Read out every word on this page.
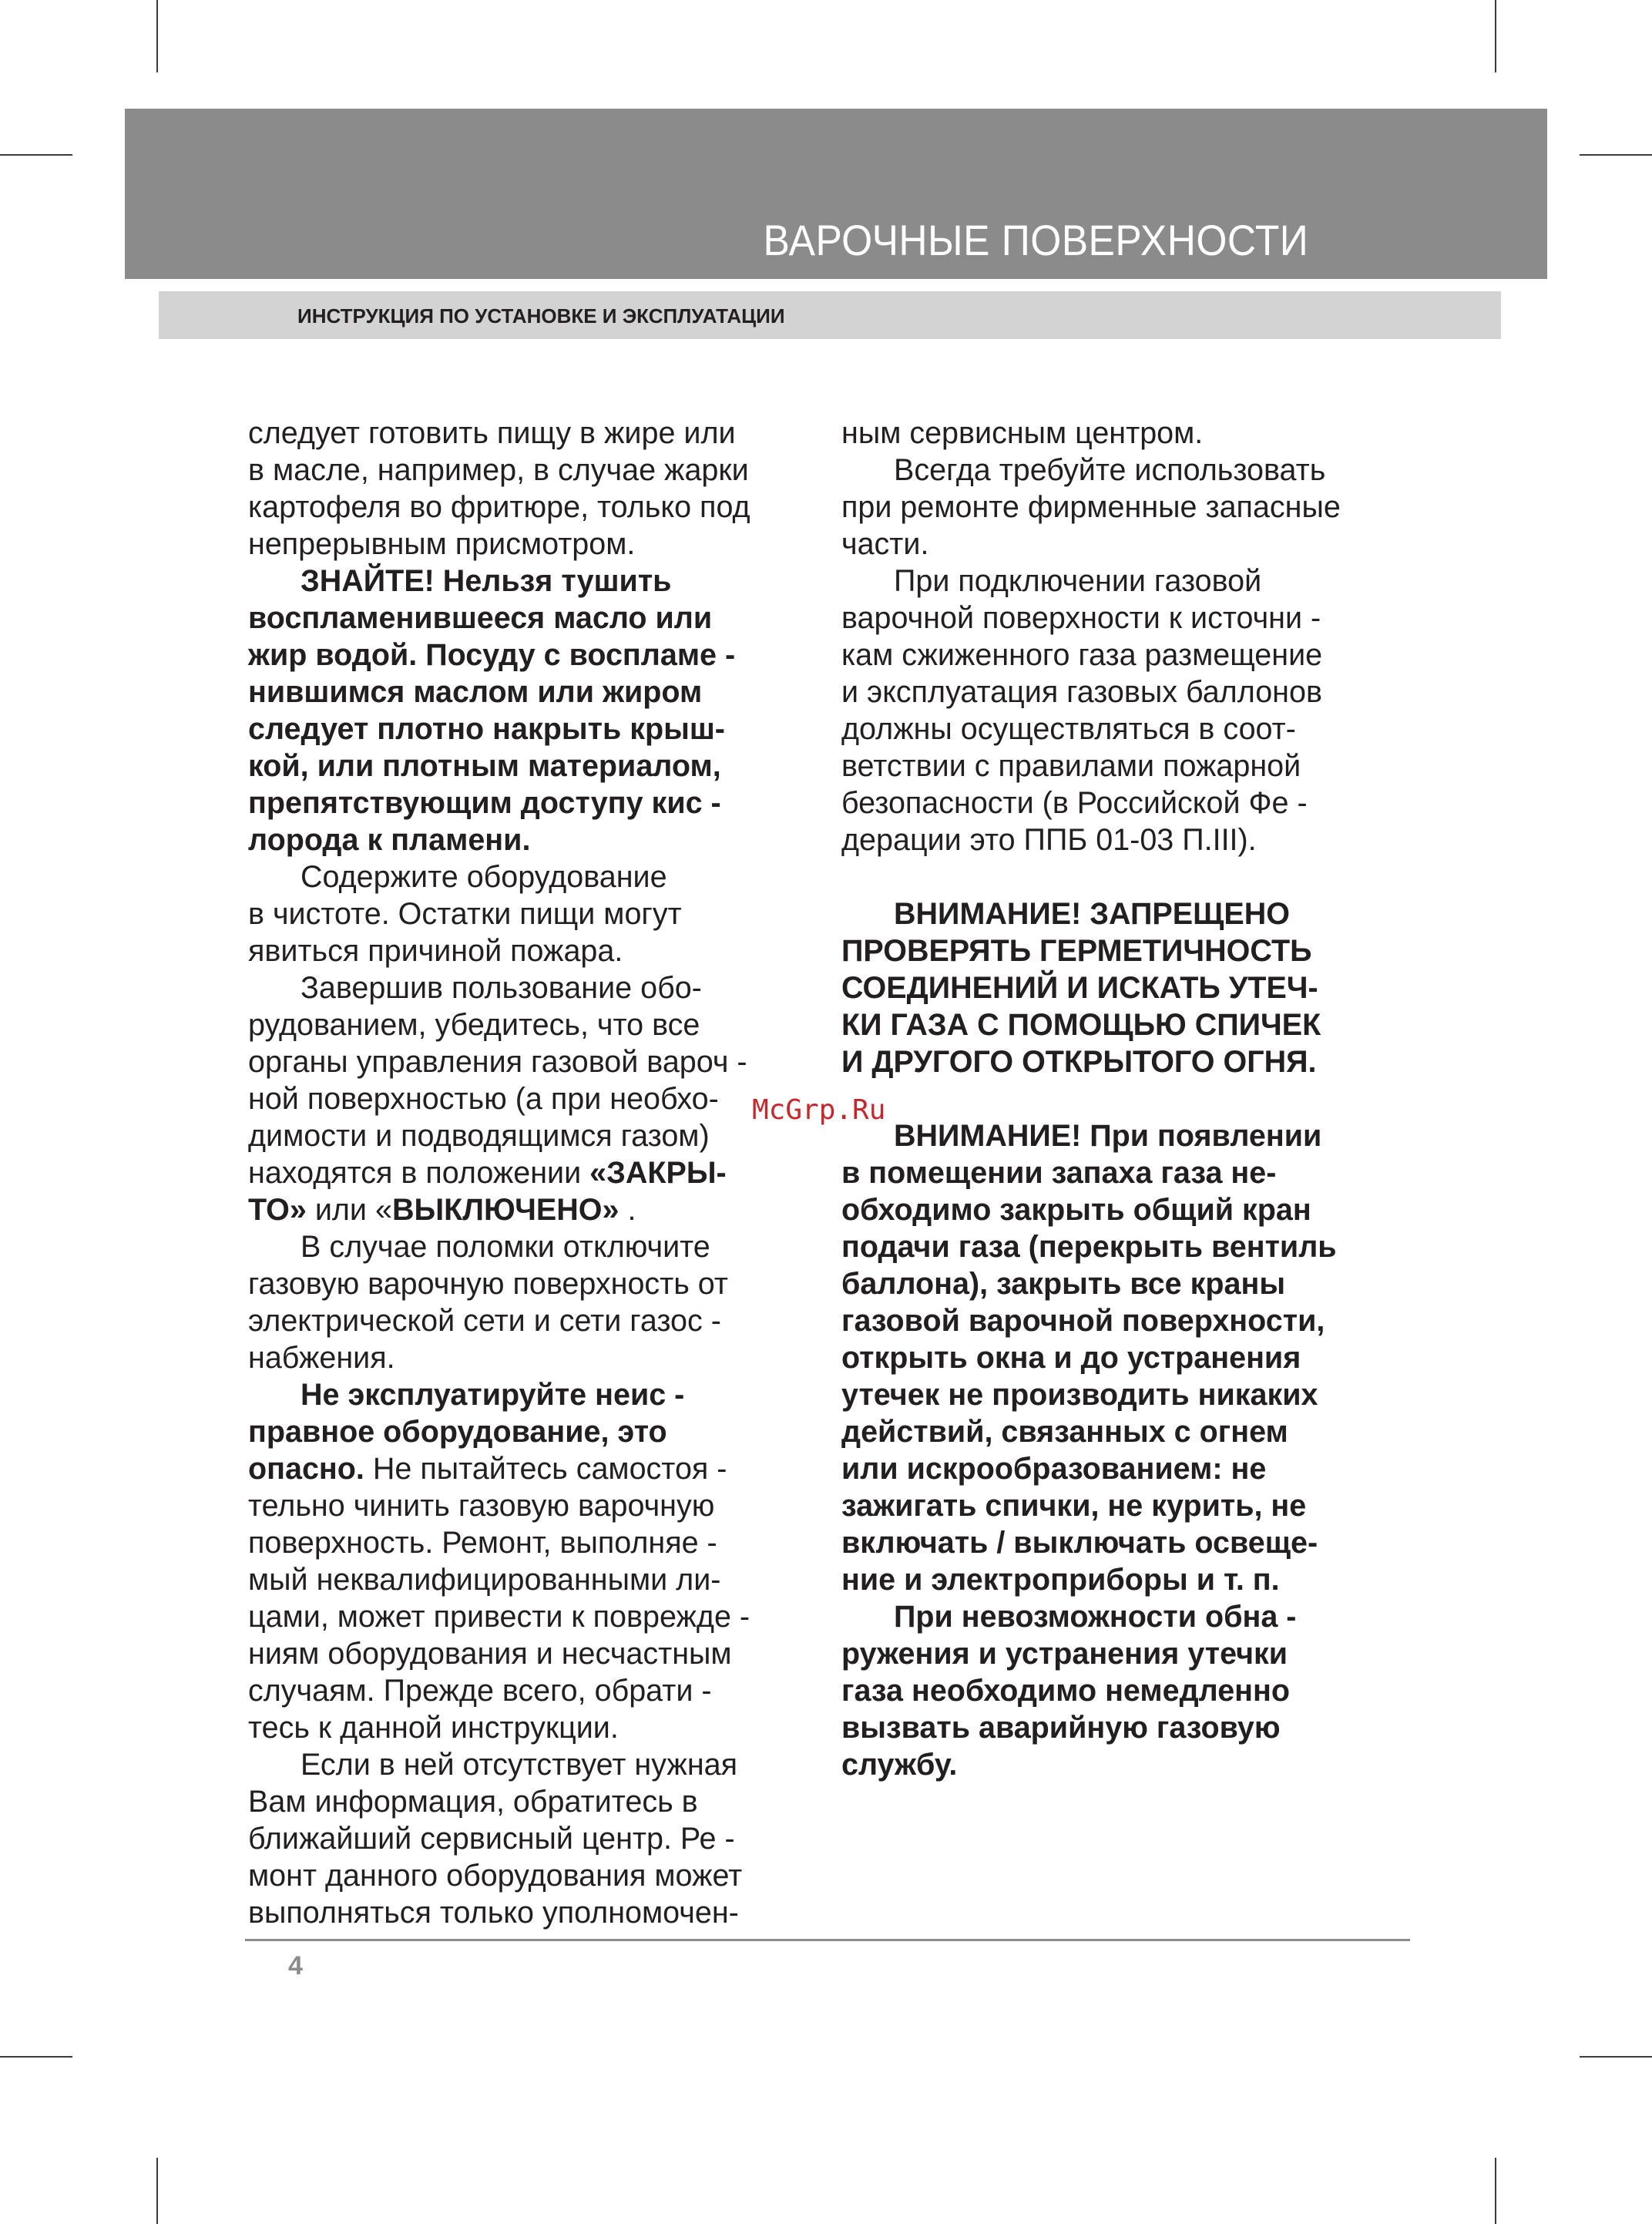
ВАРОЧНЫЕ ПОВЕРХНОСТИ
ИНСТРУКЦИЯ ПО УСТАНОВКЕ И ЭКСПЛУАТАЦИИ

следует готовить пищу в жире или

в масле, например, в случае жарки

картофеля во фритюре, только под

непрерывным присмотром.

ЗНАЙТЕ! Нельзя тушить

воспламенившееся масло или

жир водой. Посуду с воспламе -

нившимся маслом или жиром

следует плотно накрыть крыш-

кой, или плотным материалом,

препятствующим доступу кис -

лорода к пламени.

Содержите оборудование

в чистоте. Остатки пищи могут

явиться причиной пожара.

Завершив пользование обо-

рудованием, убедитесь, что все

органы управления газовой вароч -

ной поверхностью (а при необхо-

димости и подводящимся газом)

находятся в положении «ЗАКРЫ-

ТО» или «ВЫКЛЮЧЕНО» .

В случае поломки отключите

газовую варочную поверхность от

электрической сети и сети газос -

набжения.

Не эксплуатируйте неис -

правное оборудование, это

опасно. Не пытайтесь самостоя -

тельно чинить газовую варочную

поверхность. Ремонт, выполняе -

мый неквалифицированными ли-

цами, может привести к поврежде -

ниям оборудования и несчастным

случаям. Прежде всего, обрати -

тесь к данной инструкции.

Если в ней отсутствует нужная

Вам информация, обратитесь в

ближайший сервисный центр. Ре -

монт данного оборудования может

выполняться только уполномочен-

ным сервисным центром.

Всегда требуйте использовать

при ремонте фирменные запасные

части.

При подключении газовой

варочной поверхности к источни -

кам сжиженного газа размещение

и эксплуатация газовых баллонов

должны осуществляться в соот-

ветствии с правилами пожарной

безопасности (в Российской Фе -

дерации это ППБ 01-03 П.III).

ВНИМАНИЕ! ЗАПРЕЩЕНО

ПРОВЕРЯТЬ ГЕРМЕТИЧНОСТЬ

СОЕДИНЕНИЙ И ИСКАТЬ УТЕЧ-

КИ ГАЗА С ПОМОЩЬЮ СПИЧЕК

И ДРУГОГО ОТКРЫТОГО ОГНЯ.

ВНИМАНИЕ! При появлении

в помещении запаха газа не-

обходимо закрыть общий кран

подачи газа (перекрыть вентиль

баллона), закрыть все краны

газовой варочной поверхности,

открыть окна и до устранения

утечек не производить никаких

действий, связанных с огнем

или искрообразованием: не

зажигать спички, не курить, не

включать / выключать освеще-

ние и электроприборы и т. п.

При невозможности обна -

ружения и устранения утечки

газа необходимо немедленно

вызвать аварийную газовую

службу.

McGrp.Ru
4
